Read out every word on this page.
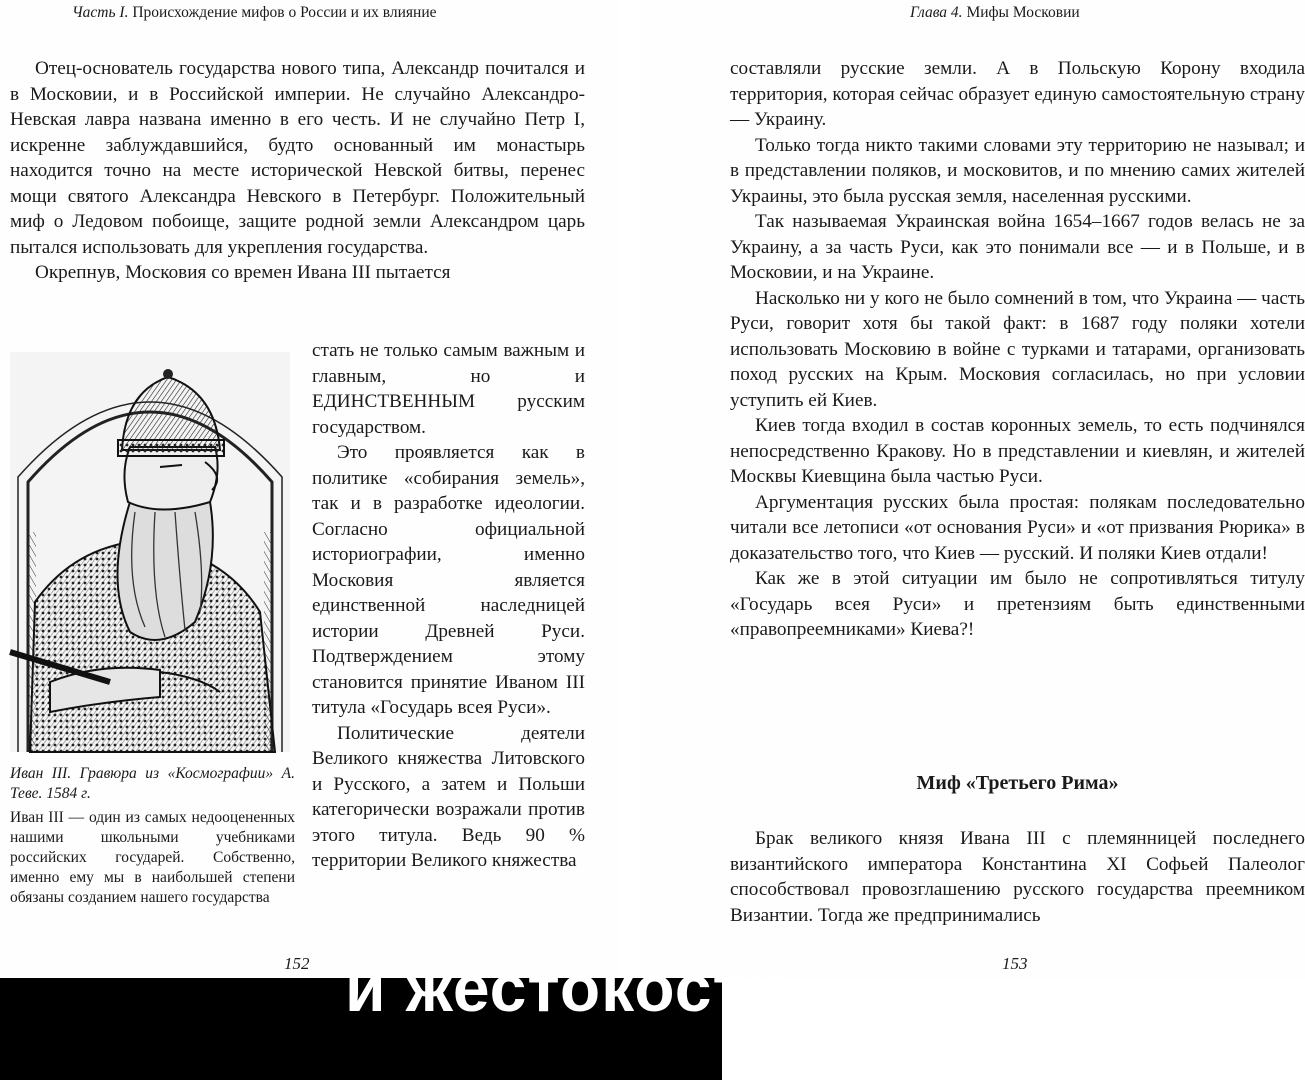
Часть I. Происхождение мифов о России и их влияние

Отец-основатель государства нового типа, Александр почитался и в Московии, и в Российской империи. Не случайно Александро-Невская лавра названа именно в его честь. И не случайно Петр I, искренне заблуждавшийся, будто основанный им монастырь находится точно на месте исторической Невской битвы, перенес мощи святого Александра Невского в Петербург. Положительный миф о Ледовом побоище, защите родной земли Александром царь пытался использовать для укрепления государства.

Окрепнув, Московия со времен Ивана III пытается

Иван III. Гравюра из «Космографии» А. Теве. 1584 г.
Иван III — один из самых недооцененных нашими школьными учебниками российских государей. Собственно, именно ему мы в наибольшей степени обязаны созданием нашего государства

стать не только самым важным и главным, но и ЕДИНСТВЕННЫМ русским государством.

Это проявляется как в политике «собирания земель», так и в разработке идеологии. Согласно официальной историографии, именно Московия является единственной наследницей истории Древней Руси. Подтверждением этому становится принятие Иваном III титула «Государь всея Руси».

Политические деятели Великого княжества Литовского и Русского, а затем и Польши категорически возражали против этого титула. Ведь 90 % территории Великого княжества

152
Глава 4. Мифы Московии

составляли русские земли. А в Польскую Корону входила территория, которая сейчас образует единую самостоятельную страну — Украину.

Только тогда никто такими словами эту территорию не называл; и в представлении поляков, и московитов, и по мнению самих жителей Украины, это была русская земля, населенная русскими.

Так называемая Украинская война 1654–1667 годов велась не за Украину, а за часть Руси, как это понимали все — и в Польше, и в Московии, и на Украине.

Насколько ни у кого не было сомнений в том, что Украина — часть Руси, говорит хотя бы такой факт: в 1687 году поляки хотели использовать Московию в войне с турками и татарами, организовать поход русских на Крым. Московия согласилась, но при условии уступить ей Киев.

Киев тогда входил в состав коронных земель, то есть подчинялся непосредственно Кракову. Но в представлении и киевлян, и жителей Москвы Киевщина была частью Руси.

Аргументация русских была простая: полякам последовательно читали все летописи «от основания Руси» и «от призвания Рюрика» в доказательство того, что Киев — русский. И поляки Киев отдали!

Как же в этой ситуации им было не сопротивляться титулу «Государь всея Руси» и претензиям быть единственными «правопреемниками» Киева?!

Миф «Третьего Рима»

Брак великого князя Ивана III с племянницей последнего византийского императора Константина XI Софьей Палеолог способствовал провозглашению русского государства преемником Византии. Тогда же предпринимались

153
и жестокости
